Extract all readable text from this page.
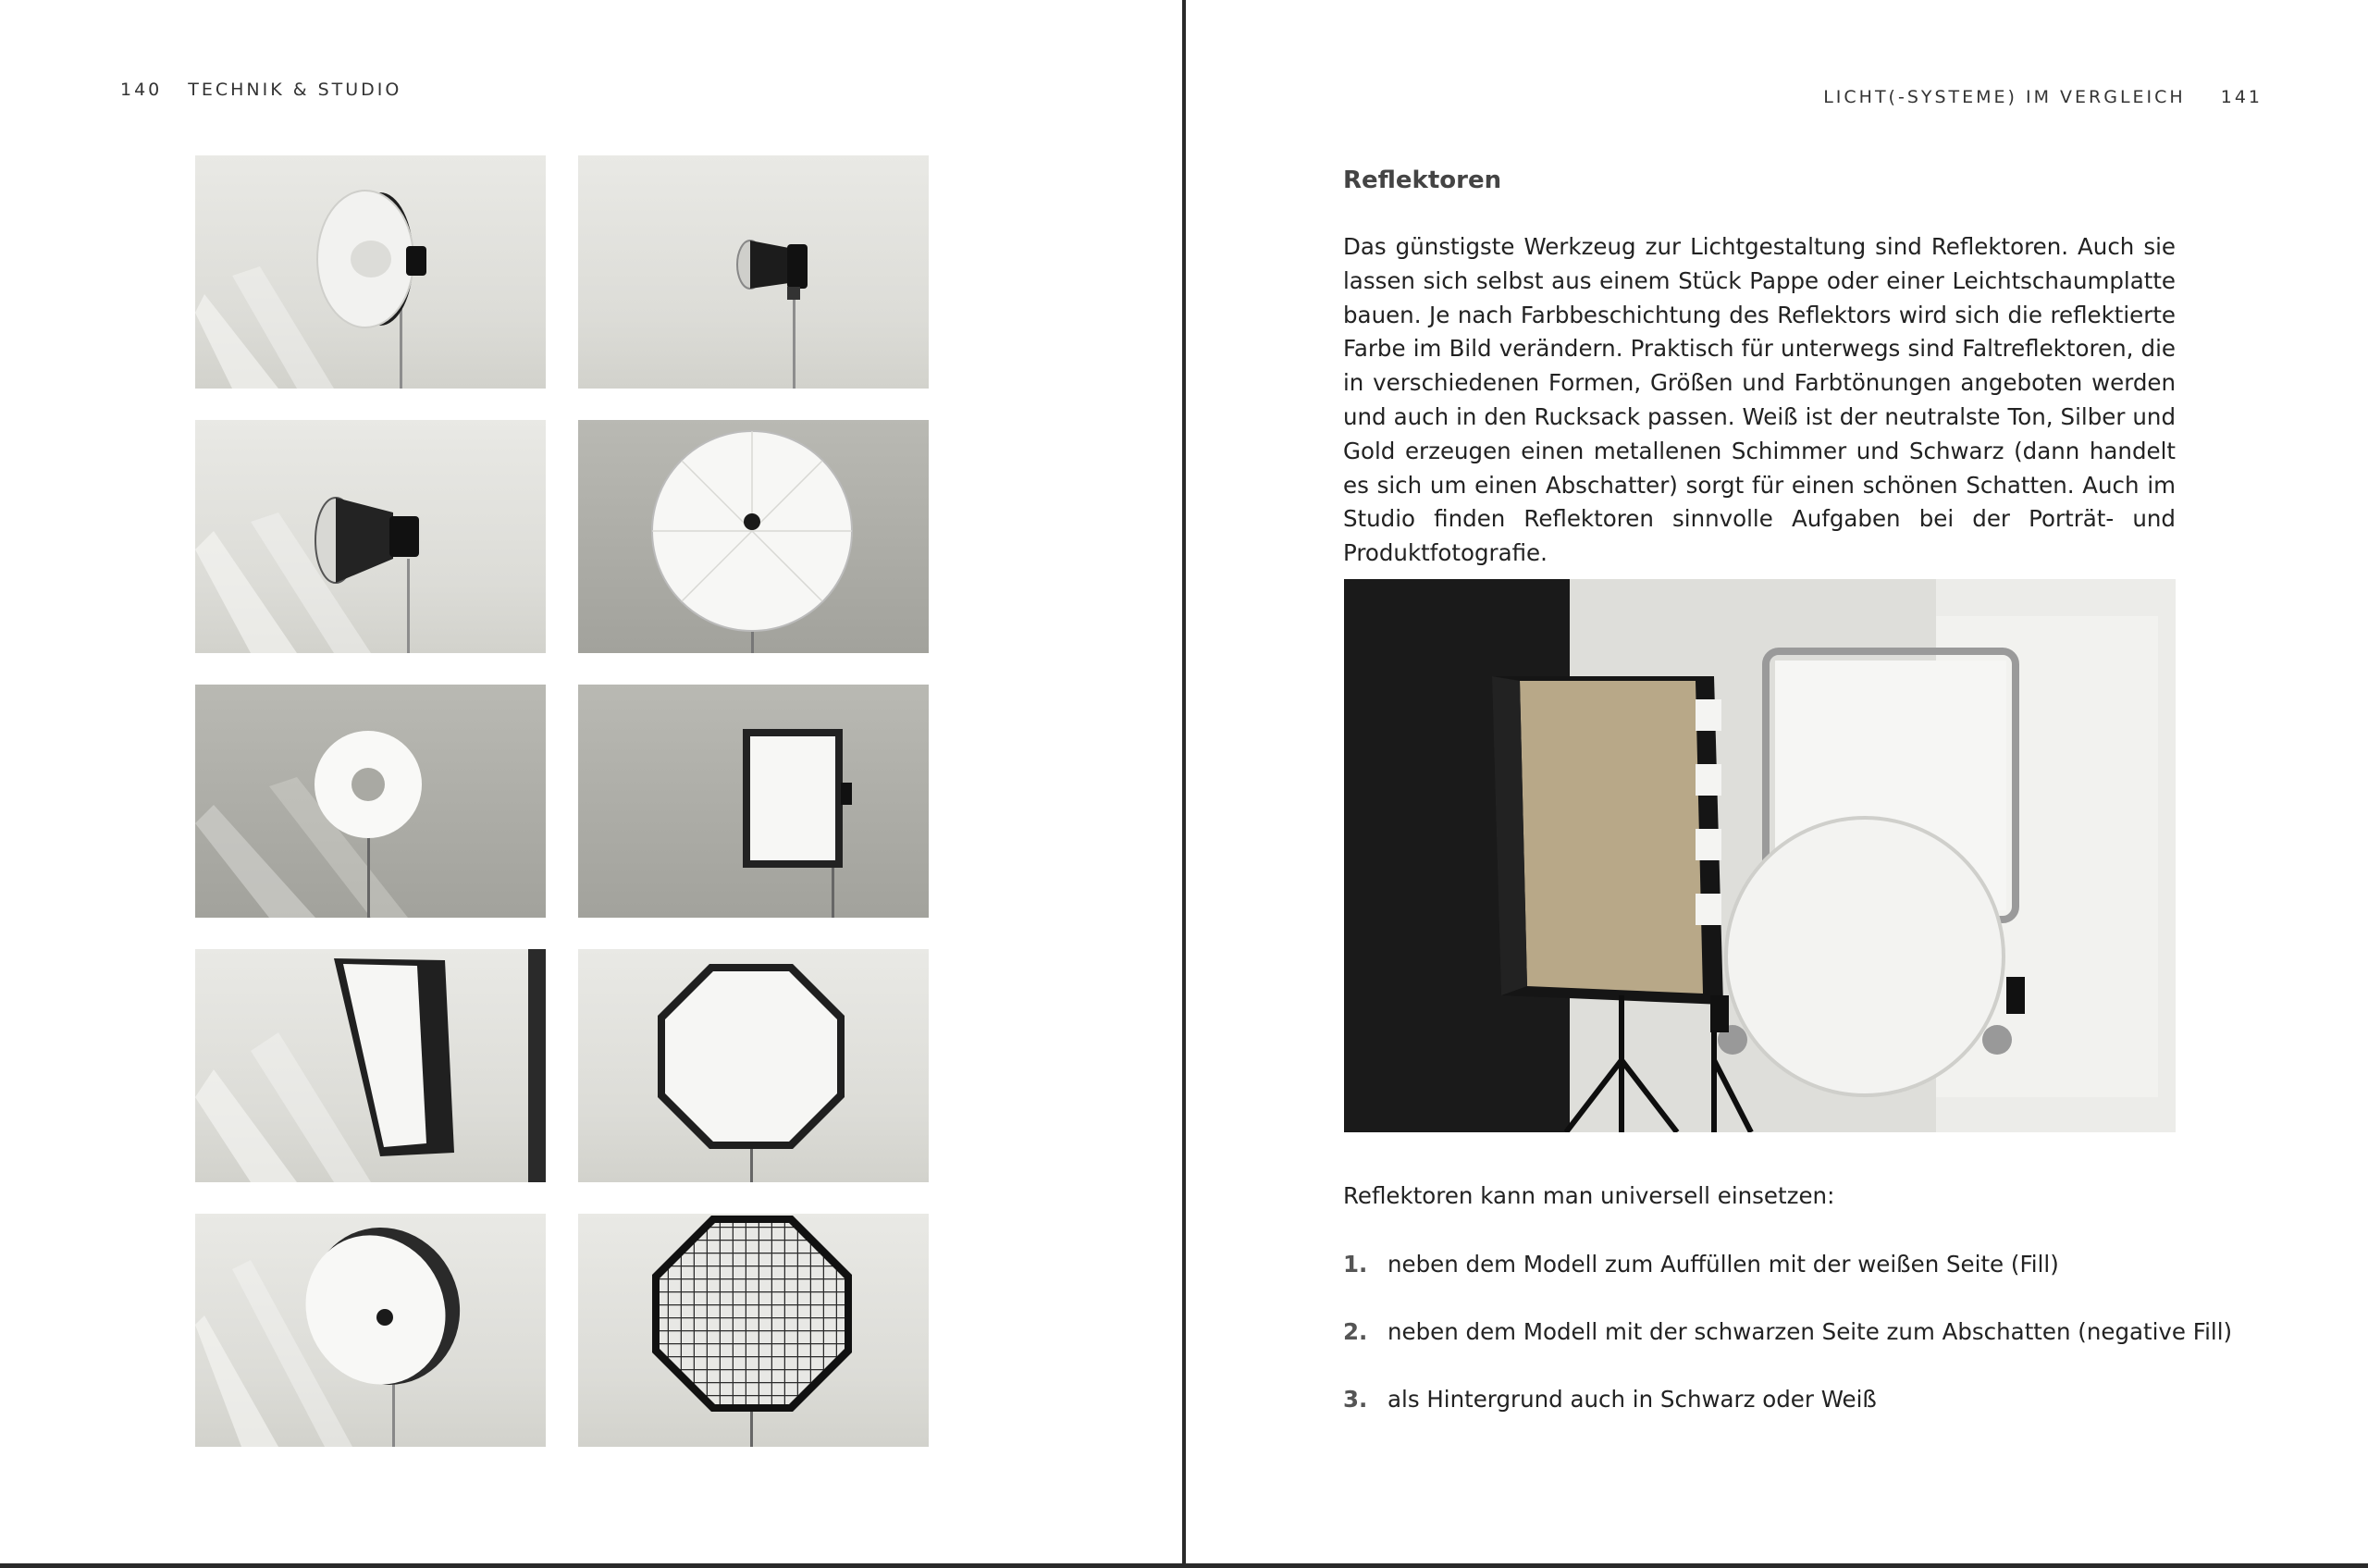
140 TECHNIK & STUDIO	LICHT(-SYSTEME) IM VERGLEICH 141
Reflektoren
Das günstigste Werkzeug zur Lichtgestaltung sind Reflektoren. Auch sie lassen sich selbst aus einem Stück Pappe oder einer Leichtschaumplatte bauen. Je nach Farbbeschichtung des Reflektors wird sich die reflektierte Farbe im Bild verändern. Praktisch für unterwegs sind Faltreflektoren, die in verschiedenen Formen, Größen und Farbtönungen angeboten werden und auch in den Rucksack passen. Weiß ist der neutralste Ton, Silber und Gold erzeugen einen metallenen Schimmer und Schwarz (dann handelt es sich um einen Abschatter) sorgt für einen schönen Schatten. Auch im Studio finden Reflektoren sinnvolle Aufgaben bei der Porträt- und Produktfotografie.
Reflektoren kann man universell einsetzen:
1. neben dem Modell zum Auffüllen mit der weißen Seite (Fill)
2. neben dem Modell mit der schwarzen Seite zum Abschatten (negative Fill)
3. als Hintergrund auch in Schwarz oder Weiß
